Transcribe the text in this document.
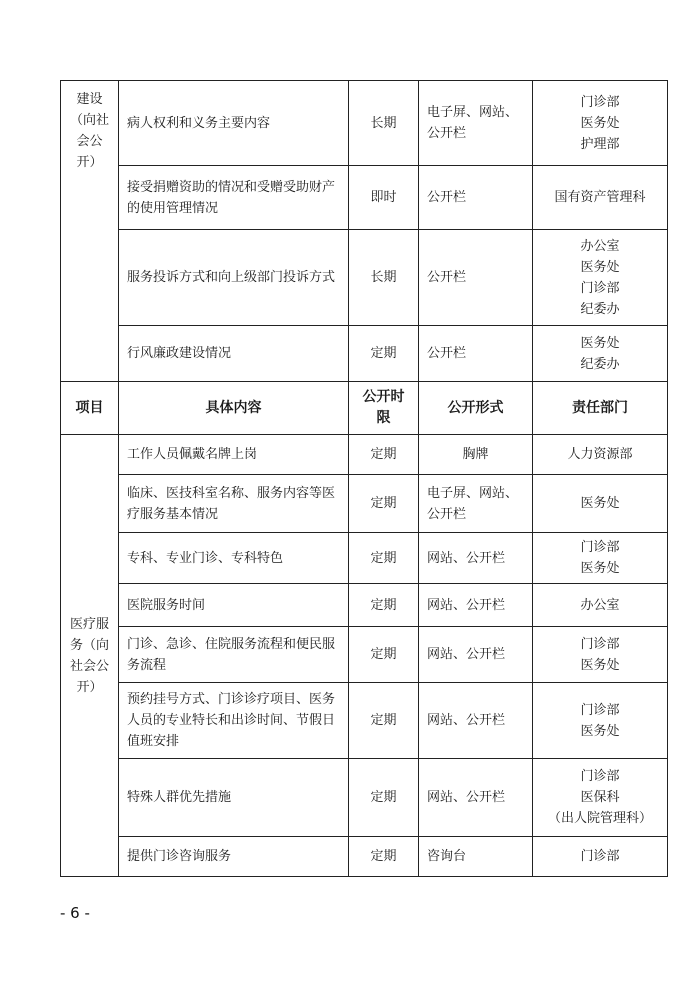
建设（向社会公开）	病人权利和义务主要内容	长期	电子屏、网站、公开栏	门诊部
医务处
护理部

	接受捐赠资助的情况和受赠受助财产的使用管理情况	即时	公开栏	国有资产管理科

	服务投诉方式和向上级部门投诉方式	长期	公开栏	办公室
医务处
门诊部
纪委办

	行风廉政建设情况	定期	公开栏	医务处
纪委办

项目	具体内容	公开时限	公开形式	责任部门

医疗服务（向社会公开）	工作人员佩戴名牌上岗	定期	胸牌	人力资源部

	临床、医技科室名称、服务内容等医疗服务基本情况	定期	电子屏、网站、公开栏	医务处

	专科、专业门诊、专科特色	定期	网站、公开栏	门诊部
医务处

	医院服务时间	定期	网站、公开栏	办公室

	门诊、急诊、住院服务流程和便民服务流程	定期	网站、公开栏	门诊部
医务处

	预约挂号方式、门诊诊疗项目、医务人员的专业特长和出诊时间、节假日值班安排	定期	网站、公开栏	门诊部
医务处

	特殊人群优先措施	定期	网站、公开栏	门诊部
医保科
（出人院管理科）

	提供门诊咨询服务	定期	咨询台	门诊部
- 6 -
